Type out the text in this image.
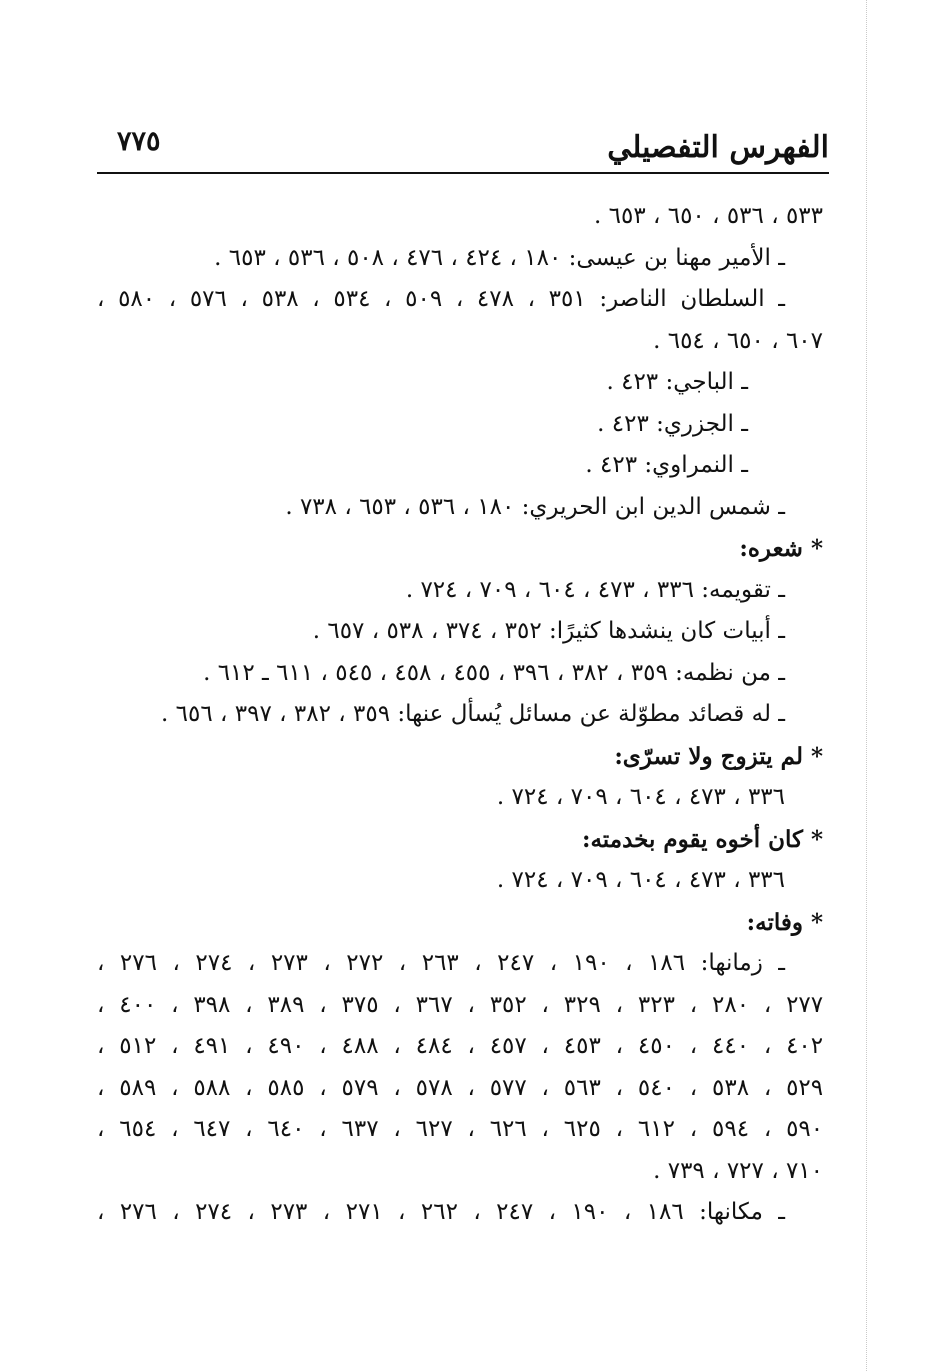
الفهرس التفصيلي
٧٧٥
٥٣٣ ، ٥٣٦ ، ٦٥٠ ، ٦٥٣ .
ـ الأمير مهنا بن عيسى: ١٨٠ ، ٤٢٤ ، ٤٧٦ ، ٥٠٨ ، ٥٣٦ ، ٦٥٣ .
ـ السلطان الناصر: ٣٥١ ، ٤٧٨ ، ٥٠٩ ، ٥٣٤ ، ٥٣٨ ، ٥٧٦ ، ٥٨٠ ،
٦٠٧ ، ٦٥٠ ، ٦٥٤ .
ـ الباجي: ٤٢٣ .
ـ الجزري: ٤٢٣ .
ـ النمراوي: ٤٢٣ .
ـ شمس الدين ابن الحريري: ١٨٠ ، ٥٣٦ ، ٦٥٣ ، ٧٣٨ .
* شعره:
ـ تقويمه: ٣٣٦ ، ٤٧٣ ، ٦٠٤ ، ٧٠٩ ، ٧٢٤ .
ـ أبيات كان ينشدها كثيرًا: ٣٥٢ ، ٣٧٤ ، ٥٣٨ ، ٦٥٧ .
ـ من نظمه: ٣٥٩ ، ٣٨٢ ، ٣٩٦ ، ٤٥٥ ، ٤٥٨ ، ٥٤٥ ، ٦١١ ـ ٦١٢ .
ـ له قصائد مطوّلة عن مسائل يُسأل عنها: ٣٥٩ ، ٣٨٢ ، ٣٩٧ ، ٦٥٦ .
* لم يتزوج ولا تسرّى:
٣٣٦ ، ٤٧٣ ، ٦٠٤ ، ٧٠٩ ، ٧٢٤ .
* كان أخوه يقوم بخدمته:
٣٣٦ ، ٤٧٣ ، ٦٠٤ ، ٧٠٩ ، ٧٢٤ .
* وفاته:
ـ زمانها: ١٨٦ ، ١٩٠ ، ٢٤٧ ، ٢٦٣ ، ٢٧٢ ، ٢٧٣ ، ٢٧٤ ، ٢٧٦ ،
٢٧٧ ، ٢٨٠ ، ٣٢٣ ، ٣٢٩ ، ٣٥٢ ، ٣٦٧ ، ٣٧٥ ، ٣٨٩ ، ٣٩٨ ، ٤٠٠ ،
٤٠٢ ، ٤٤٠ ، ٤٥٠ ، ٤٥٣ ، ٤٥٧ ، ٤٨٤ ، ٤٨٨ ، ٤٩٠ ، ٤٩١ ، ٥١٢ ،
٥٢٩ ، ٥٣٨ ، ٥٤٠ ، ٥٦٣ ، ٥٧٧ ، ٥٧٨ ، ٥٧٩ ، ٥٨٥ ، ٥٨٨ ، ٥٨٩ ،
٥٩٠ ، ٥٩٤ ، ٦١٢ ، ٦٢٥ ، ٦٢٦ ، ٦٢٧ ، ٦٣٧ ، ٦٤٠ ، ٦٤٧ ، ٦٥٤ ،
٧١٠ ، ٧٢٧ ، ٧٣٩ .
ـ مكانها: ١٨٦ ، ١٩٠ ، ٢٤٧ ، ٢٦٢ ، ٢٧١ ، ٢٧٣ ، ٢٧٤ ، ٢٧٦ ،
